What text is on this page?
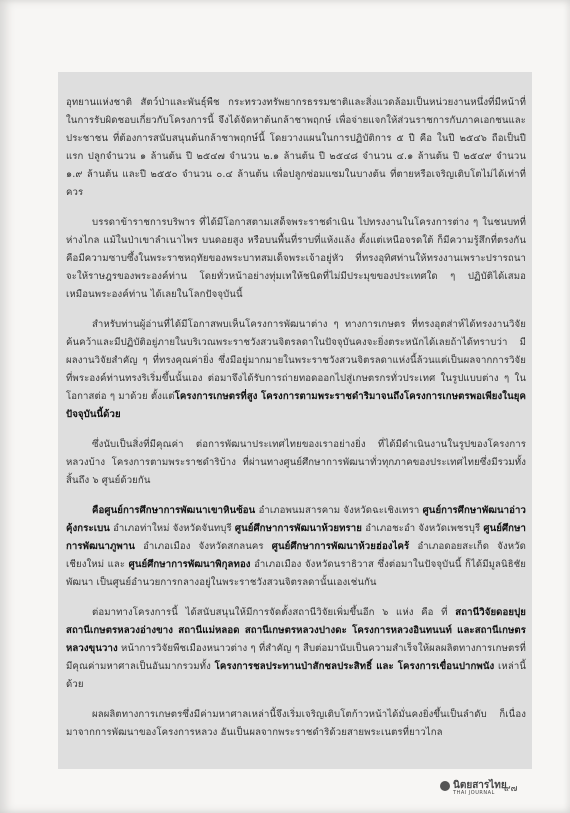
อุทยานแห่งชาติ สัตว์ป่าและพันธุ์พืช กระทรวงทรัพยากรธรรมชาติและสิ่งแวดล้อมเป็นหน่วยงานหนึ่งที่มีหน้าที่ในการรับผิดชอบเกี่ยวกับโครงการนี้ จึงได้จัดหาต้นกล้าชาพฤกษ์ เพื่อจ่ายแจกให้ส่วนราชการกับภาคเอกชนและประชาชน ที่ต้องการสนับสนุนต้นกล้าชาพฤกษ์นี้ โดยวางแผนในการปฏิบัติการ ๕ ปี คือ ในปี ๒๕๔๖ ถือเป็นปีแรก ปลูกจำนวน ๑ ล้านต้น ปี ๒๕๔๗ จำนวน ๒.๑ ล้านต้น ปี ๒๕๔๘ จำนวน ๔.๑ ล้านต้น ปี ๒๕๔๙ จำนวน ๑.๙ ล้านต้น และปี ๒๕๕๐ จำนวน ๐.๔ ล้านต้น เพื่อปลูกซ่อมแซมในบางต้น ที่ตายหรือเจริญเติบโตไม่ได้เท่าที่ควร

บรรดาข้าราชการบริพาร ที่ได้มีโอกาสตามเสด็จพระราชดำเนิน ไปทรงงานในโครงการต่าง ๆ ในชนบทที่ห่างไกล แม้ในป่าเขาลำเนาไพร บนดอยสูง หรือบนพื้นที่ราบที่แห้งแล้ง ตั้งแต่เหนือจรดใต้ ก็มีความรู้สึกที่ตรงกัน คือมีความซาบซึ้งในพระราชหฤทัยของพระบาทสมเด็จพระเจ้าอยู่หัว ที่ทรงอุทิศท่านให้ทรงงานเพราะปรารถนาจะให้ราษฎรของพระองค์ท่าน โดยทั่วหน้าอย่างทุ่มเทให้ชนิดที่ไม่มีประมุขของประเทศใด ๆ ปฏิบัติได้เสมอเหมือนพระองค์ท่าน ได้เลยในโลกปัจจุบันนี้

สำหรับท่านผู้อ่านที่ได้มีโอกาสพบเห็นโครงการพัฒนาต่าง ๆ ทางการเกษตร ที่ทรงอุตส่าห์ได้ทรงงานวิจัยค้นคว้าและมีปฏิบัติอยู่ภายในบริเวณพระราชวังสวนจิตรลดาในปัจจุบันคงจะยิ่งตระหนักได้เลยถ้าได้ทราบว่า มีผลงานวิจัยสำคัญ ๆ ที่ทรงคุณค่ายิ่ง ซึ่งมีอยู่มากมายในพระราชวังสวนจิตรลดาแห่งนี้ล้วนแต่เป็นผลจากการวิจัยที่พระองค์ท่านทรงริเริ่มขึ้นนั้นเอง ต่อมาจึงได้รับการถ่ายทอดออกไปสู่เกษตรกรทั่วประเทศ ในรูปแบบต่าง ๆ ในโอกาสต่อ ๆ มาด้วย ตั้งแต่โครงการเกษตรที่สูง โครงการตามพระราชดำริมาจนถึงโครงการเกษตรพอเพียงในยุคปัจจุบันนี้ด้วย

ซึ่งนับเป็นสิ่งที่มีคุณค่า ต่อการพัฒนาประเทศไทยของเราอย่างยิ่ง ที่ได้มีดำเนินงานในรูปของโครงการหลวงบ้าง โครงการตามพระราชดำริบ้าง ที่ผ่านทางศูนย์ศึกษาการพัฒนาทั่วทุกภาคของประเทศไทยซึ่งมีรวมทั้งสิ้นถึง ๖ ศูนย์ด้วยกัน

คือศูนย์การศึกษาการพัฒนาเขาหินซ้อน อำเภอพนมสารคาม จังหวัดฉะเชิงเทรา ศูนย์การศึกษาพัฒนาอ่าวคุ้งกระเบน อำเภอท่าใหม่ จังหวัดจันทบุรี ศูนย์ศึกษาการพัฒนาห้วยทราย อำเภอชะอำ จังหวัดเพชรบุรี ศูนย์ศึกษาการพัฒนาภูพาน อำเภอเมือง จังหวัดสกลนคร ศูนย์ศึกษาการพัฒนาห้วยฮ่องไคร้ อำเภอดอยสะเก็ด จังหวัดเชียงใหม่ และ ศูนย์ศึกษาการพัฒนาพิกุลทอง อำเภอเมือง จังหวัดนราธิวาส ซึ่งต่อมาในปัจจุบันนี้ ก็ได้มีมูลนิธิชัยพัฒนา เป็นศูนย์อำนวยการกลางอยู่ในพระราชวังสวนจิตรลดานั้นเองเช่นกัน

ต่อมาทางโครงการนี้ ได้สนับสนุนให้มีการจัดตั้งสถานีวิจัยเพิ่มขึ้นอีก ๖ แห่ง คือ ที่ สถานีวิจัยดอยปุย สถานีเกษตรหลวงอ่างขาง สถานีแม่หลอด สถานีเกษตรหลวงปางดะ โครงการหลวงอินทนนท์ และสถานีเกษตรหลวงขุนวาง หน้าการวิจัยพืชเมืองหนาวต่าง ๆ ที่สำคัญ ๆ สืบต่อมานับเป็นความสำเร็จให้ผลผลิตทางการเกษตรที่มีคุณค่ามหาศาลเป็นอันมากรวมทั้ง โครงการชลประทานป่าสักชลประสิทธิ์ และ โครงการเขื่อนปากพนัง เหล่านี้ด้วย

ผลผลิตทางการเกษตรซึ่งมีค่ามหาศาลเหล่านี้จึงเริ่มเจริญเติบโตก้าวหน้าได้มั่นคงยิ่งขึ้นเป็นลำดับ ก็เนื่องมาจากการพัฒนาของโครงการหลวง อันเป็นผลจากพระราชดำริด้วยสายพระเนตรที่ยาวไกล

นิตยสารไทย
THAI JOURNAL ๙๗
